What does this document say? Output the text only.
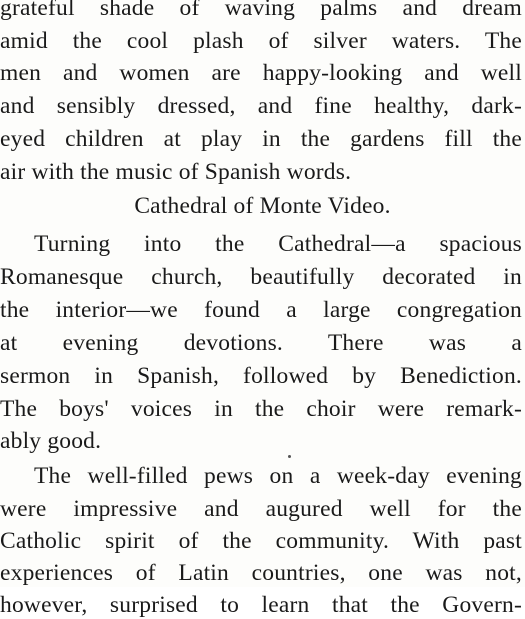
grateful shade of waving palms and dream
amid the cool plash of silver waters. The
men and women are happy-looking and well
and sensibly dressed, and fine healthy, dark-
eyed children at play in the gardens fill the
air with the music of Spanish words.
Cathedral of Monte Video.
Turning into the Cathedral—a spacious
Romanesque church, beautifully decorated in
the interior—we found a large congregation
at evening devotions. There was a
sermon in Spanish, followed by Benediction.
The boys' voices in the choir were remark-
ably good.
The well-filled pews on a week-day evening
were impressive and augured well for the
Catholic spirit of the community. With past
experiences of Latin countries, one was not,
however, surprised to learn that the Govern-
